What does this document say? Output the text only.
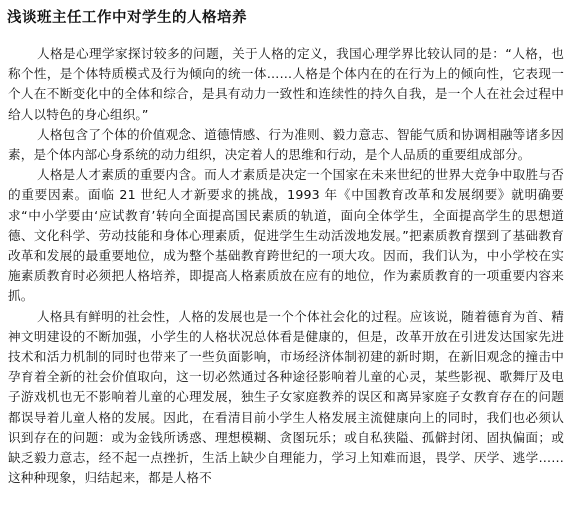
浅谈班主任工作中对学生的人格培养

人格是心理学家探讨较多的问题，关于人格的定义，我国心理学界比较认同的是：“人格，也称个性，是个体特质模式及行为倾向的统一体……人格是个体内在的在行为上的倾向性，它表现一个人在不断变化中的全体和综合，是具有动力一致性和连续性的持久自我，是一个人在社会过程中给人以特色的身心组织。”

人格包含了个体的价值观念、道德情感、行为准则、毅力意志、智能气质和协调相融等诸多因素，是个体内部心身系统的动力组织，决定着人的思维和行动，是个人品质的重要组成部分。

人格是人才素质的重要内含。而人才素质是决定一个国家在未来世纪的世界大竞争中取胜与否的重要因素。面临 21 世纪人才新要求的挑战，1993 年《中国教育改革和发展纲要》就明确要求“中小学要由‘应试教育’转向全面提高国民素质的轨道，面向全体学生，全面提高学生的思想道德、文化科学、劳动技能和身体心理素质，促进学生生动活泼地发展。”把素质教育摆到了基础教育改革和发展的最重要地位，成为整个基础教育跨世纪的一项大攻。因而，我们认为，中小学校在实施素质教育时必须把人格培养，即提高人格素质放在应有的地位，作为素质教育的一项重要内容来抓。

人格具有鲜明的社会性，人格的发展也是一个个体社会化的过程。应该说，随着德育为首、精神文明建设的不断加强，小学生的人格状况总体看是健康的，但是，改革开放在引进发达国家先进技术和活力机制的同时也带来了一些负面影响，市场经济体制初建的新时期，在新旧观念的撞击中孕育着全新的社会价值取向，这一切必然通过各种途径影响着儿童的心灵，某些影视、歌舞厅及电子游戏机也无不影响着儿童的心理发展，独生子女家庭教养的误区和离异家庭子女教育存在的问题都误导着儿童人格的发展。因此，在看清目前小学生人格发展主流健康向上的同时，我们也必须认识到存在的问题：或为金钱所诱惑、理想模糊、贪图玩乐；或自私狭隘、孤僻封闭、固执偏面；或缺乏毅力意志，经不起一点挫折，生活上缺少自理能力，学习上知难而退，畏学、厌学、逃学……这种种现象，归结起来，都是人格不
